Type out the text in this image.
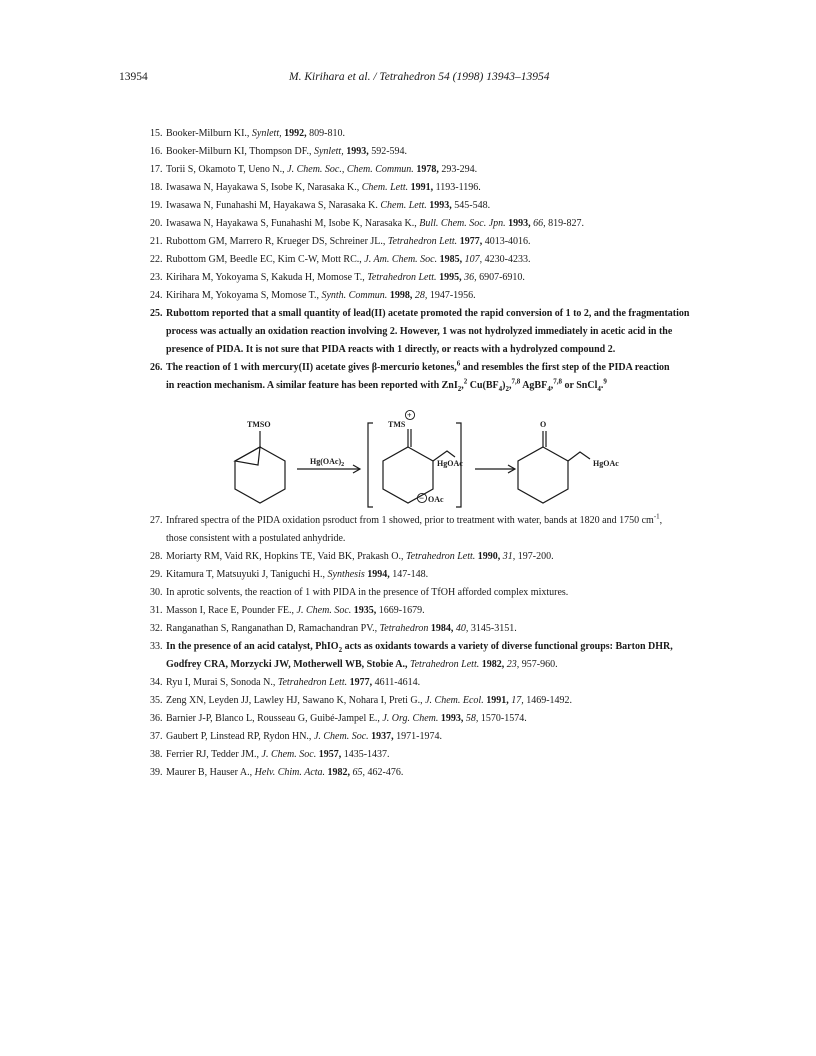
13954	M. Kirihara et al. / Tetrahedron 54 (1998) 13943–13954
15. Booker-Milburn KI., Synlett, 1992, 809-810.
16. Booker-Milburn KI, Thompson DF., Synlett, 1993, 592-594.
17. Torii S, Okamoto T, Ueno N., J. Chem. Soc., Chem. Commun. 1978, 293-294.
18. Iwasawa N, Hayakawa S, Isobe K, Narasaka K., Chem. Lett. 1991, 1193-1196.
19. Iwasawa N, Funahashi M, Hayakawa S, Narasaka K. Chem. Lett. 1993, 545-548.
20. Iwasawa N, Hayakawa S, Funahashi M, Isobe K, Narasaka K., Bull. Chem. Soc. Jpn. 1993, 66, 819-827.
21. Rubottom GM, Marrero R, Krueger DS, Schreiner JL., Tetrahedron Lett. 1977, 4013-4016.
22. Rubottom GM, Beedle EC, Kim C-W, Mott RC., J. Am. Chem. Soc. 1985, 107, 4230-4233.
23. Kirihara M, Yokoyama S, Kakuda H, Momose T., Tetrahedron Lett. 1995, 36, 6907-6910.
24. Kirihara M, Yokoyama S, Momose T., Synth. Commun. 1998, 28, 1947-1956.
25. Rubottom reported that a small quantity of lead(II) acetate promoted the rapid conversion of 1 to 2, and the fragmentation
process was actually an oxidation reaction involving 2. However, 1 was not hydrolyzed immediately in acetic acid in the
presence of PIDA. It is not sure that PIDA reacts with 1 directly, or reacts with a hydrolyzed compound 2.
26. The reaction of 1 with mercury(II) acetate gives β-mercurio ketones,$^6$ and resembles the first step of the PIDA reaction
in reaction mechanism. A similar feature has been reported with ZnI$_2$,$^2$ $Cu(BF_4)_2,^{7,8}$ AgBF$_4$,$^{7,8}$ or SnCl$_4$.$^9$
TMSO
$Hg(OAc)_2$
TMS
+
HgOAc
− OAc
O
HgOAc
27. Infrared spectra of the PIDA oxidation psroduct from 1 showed, prior to treatment with water, bands at 1820 and 1750 $cm^{-1}$,
those consistent with a postulated anhydride.
28. Moriarty RM, Vaid RK, Hopkins TE, Vaid BK, Prakash O., Tetrahedron Lett. 1990, 31, 197-200.
29. Kitamura T, Matsuyuki J, Taniguchi H., Synthesis 1994, 147-148.
30. In aprotic solvents, the reaction of 1 with PIDA in the presence of TfOH afforded complex mixtures.
31. Masson I, Race E, Pounder FE., J. Chem. Soc. 1935, 1669-1679.
32. Ranganathan S, Ranganathan D, Ramachandran PV., Tetrahedron 1984, 40, 3145-3151.
33. In the presence of an acid catalyst, PhIO$_2$ acts as oxidants towards a variety of diverse functional groups: Barton DHR,
Godfrey CRA, Morzycki JW, Motherwell WB, Stobie A., Tetrahedron Lett. 1982, 23, 957-960.
34. Ryu I, Murai S, Sonoda N., Tetrahedron Lett. 1977, 4611-4614.
35. Zeng XN, Leyden JJ, Lawley HJ, Sawano K, Nohara I, Preti G., J. Chem. Ecol. 1991, 17, 1469-1492.
36. Barnier J-P, Blanco L, Rousseau G, Guibé-Jampel E., J. Org. Chem. 1993, 58, 1570-1574.
37. Gaubert P, Linstead RP, Rydon HN., J. Chem. Soc. 1937, 1971-1974.
38. Ferrier RJ, Tedder JM., J. Chem. Soc. 1957, 1435-1437.
39. Maurer B, Hauser A., Helv. Chim. Acta. 1982, 65, 462-476.
